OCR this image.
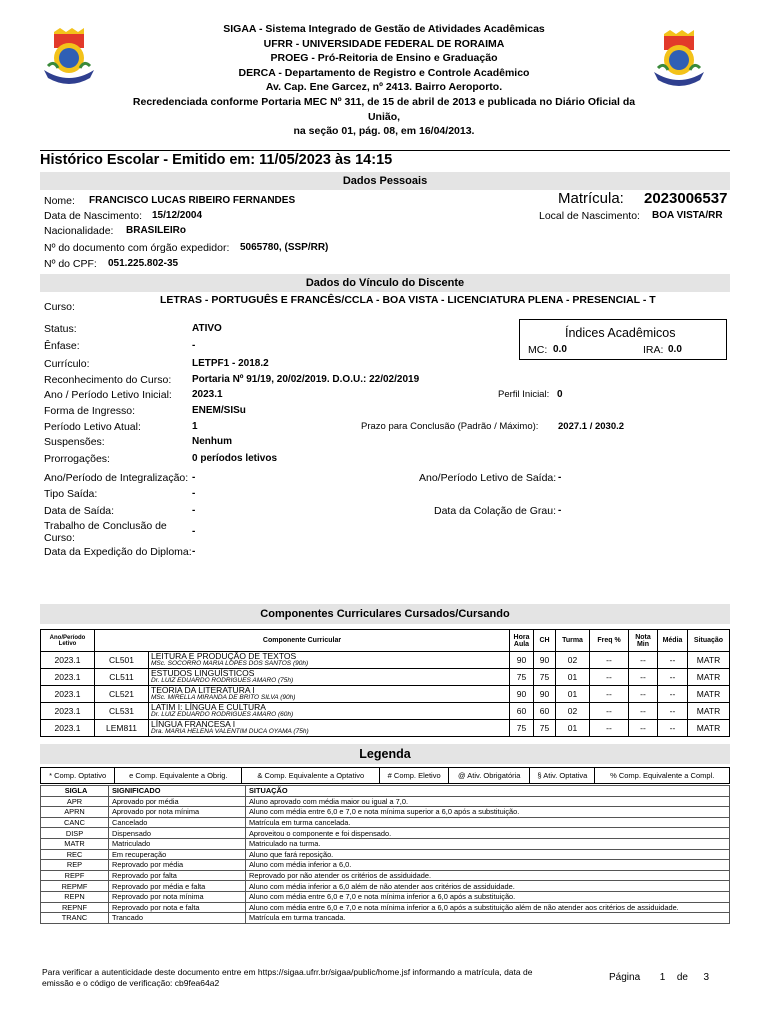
SIGAA - Sistema Integrado de Gestão de Atividades Acadêmicas
UFRR - UNIVERSIDADE FEDERAL DE RORAIMA
PROEG - Pró-Reitoria de Ensino e Graduação
DERCA - Departamento de Registro e Controle Acadêmico
Av. Cap. Ene Garcez, nº 2413. Bairro Aeroporto.
Recredenciada conforme Portaria MEC Nº 311, de 15 de abril de 2013 e publicada no Diário Oficial da União,
na seção 01, pág. 08, em 16/04/2013.
Histórico Escolar - Emitido em: 11/05/2023 às 14:15
Dados Pessoais
Nome: FRANCISCO LUCAS RIBEIRO FERNANDES	Matrícula: 2023006537
Data de Nascimento: 15/12/2004	Local de Nascimento: BOA VISTA/RR
Nacionalidade: BRASILEIRo
Nº do documento com órgão expedidor: 5065780, (SSP/RR)
Nº do CPF: 051.225.802-35
Dados do Vínculo do Discente
Curso:
LETRAS - PORTUGUÊS E FRANCÊS/CCLA - BOA VISTA - LICENCIATURA PLENA - PRESENCIAL - T
Status:	ATIVO	Índices Acadêmicos
MC: 0.0	IRA: 0.0
Ênfase:	-
Currículo:	LETPF1 - 2018.2
Reconhecimento do Curso: Portaria Nº 91/19, 20/02/2019. D.O.U.: 22/02/2019
Ano / Período Letivo Inicial: 2023.1	Perfil Inicial: 0
Forma de Ingresso:	ENEM/SISu
Período Letivo Atual:	1	Prazo para Conclusão (Padrão / Máximo): 2027.1 / 2030.2
Suspensões:	Nenhum
Prorrogações:	0 períodos letivos
Ano/Período de Integralização: -	Ano/Período Letivo de Saída: -
Tipo Saída:	-
Data de Saída:	-	Data da Colação de Grau: -
Trabalho de Conclusão de Curso:
-
Data da Expedição do Diploma: -
Componentes Curriculares Cursados/Cursando
Ano/Período Letivo	Componente Curricular		Hora Aula	CH	Turma	Freq %	Nota Min	Média	Situação
2023.1	CL501	LEITURA E PRODUÇÃO DE TEXTOS
MSc. SOCORRO MARIA LOPES DOS SANTOS (90h)	90	90	02	--	--	--	MATR
2023.1	CL511	ESTUDOS LINGUÍSTICOS
Dr. LUIZ EDUARDO RODRIGUES AMARO (75h)	75	75	01	--	--	--	MATR
2023.1	CL521	TEORIA DA LITERATURA I
MSc. MIRELLA MIRANDA DE BRITO SILVA (90h)	90	90	01	--	--	--	MATR
2023.1	CL531	LATIM I: LÍNGUA E CULTURA
Dr. LUIZ EDUARDO RODRIGUES AMARO (60h)	60	60	02	--	--	--	MATR
2023.1	LEM811	LÍNGUA FRANCESA I
Dra. MARIA HELENA VALENTIM DUCA OYAMA (75h)	75	75	01	--	--	--	MATR
Legenda
* Comp. Optativo	e Comp. Equivalente a Obrig.	& Comp. Equivalente a Optativo	# Comp. Eletivo	@ Ativ. Obrigatória	§ Ativ. Optativa	% Comp. Equivalente a Compl.
SIGLA	SIGNIFICADO	SITUAÇÃO
APR	Aprovado por média	Aluno aprovado com média maior ou igual a 7,0.
APRN	Aprovado por nota mínima	Aluno com média entre 6,0 e 7,0 e nota mínima superior a 6,0 após a substituição.
CANC	Cancelado	Matrícula em turma cancelada.
DISP	Dispensado	Aproveitou o componente e foi dispensado.
MATR	Matriculado	Matriculado na turma.
REC	Em recuperação	Aluno que fará reposição.
REP	Reprovado por média	Aluno com média inferior a 6,0.
REPF	Reprovado por falta	Reprovado por não atender os critérios de assiduidade.
REPMF	Reprovado por média e falta	Aluno com média inferior a 6,0 além de não atender aos critérios de assiduidade.
REPN	Reprovado por nota mínima	Aluno com média entre 6,0 e 7,0 e nota mínima inferior a 6,0 após a substituição.
REPNF	Reprovado por nota e falta	Aluno com média entre 6,0 e 7,0 e nota mínima inferior a 6,0 após a substituição além de não atender aos critérios de assiduidade.
TRANC	Trancado	Matrícula em turma trancada.
Para verificar a autenticidade deste documento entre em https://sigaa.ufrr.br/sigaa/public/home.jsf informando a matrícula, data de
emissão e o código de verificação: cb9fea64a2	Página 1 de 3
